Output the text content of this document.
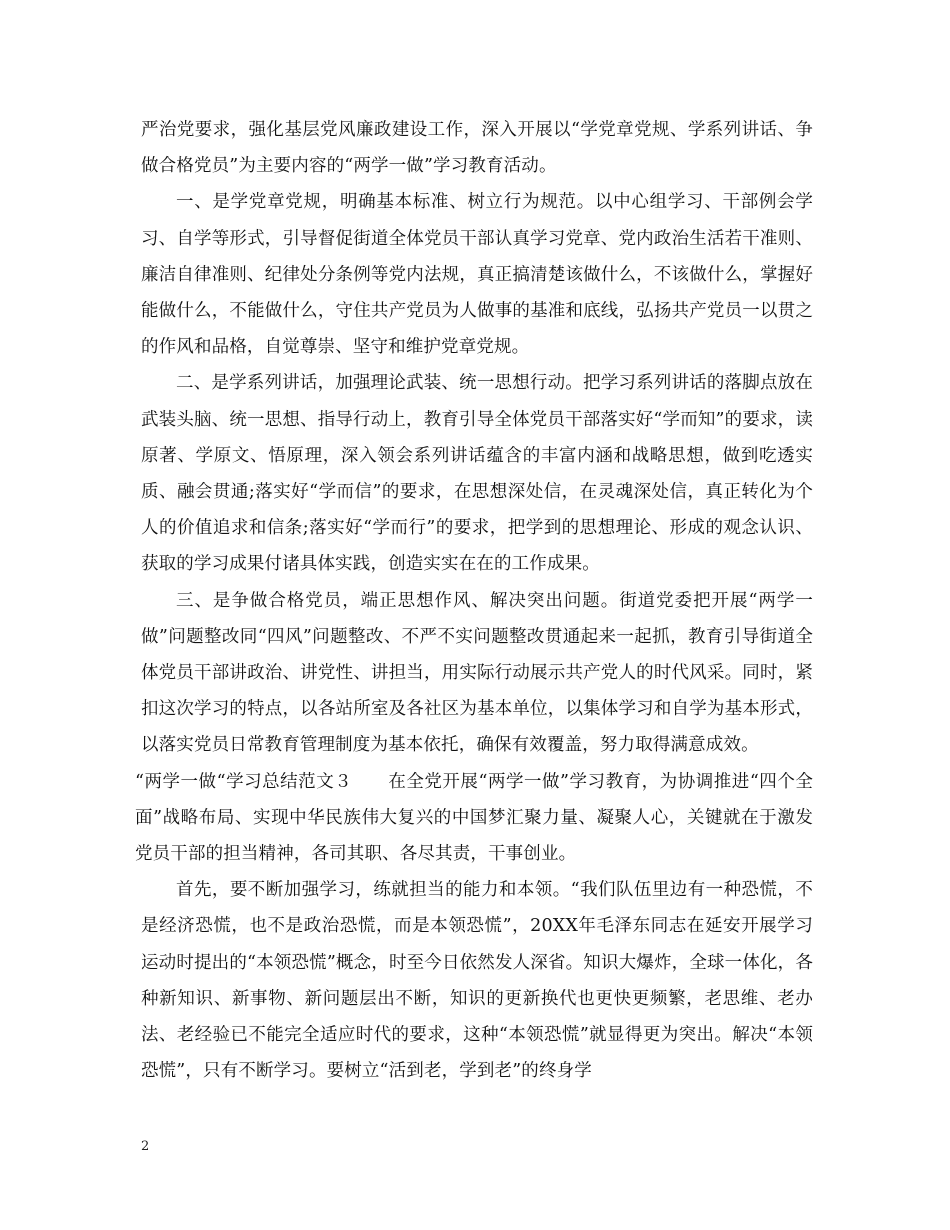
严治党要求，强化基层党风廉政建设工作，深入开展以“学党章党规、学系列讲话、争做合格党员”为主要内容的“两学一做”学习教育活动。

一、是学党章党规，明确基本标准、树立行为规范。以中心组学习、干部例会学习、自学等形式，引导督促街道全体党员干部认真学习党章、党内政治生活若干准则、廉洁自律准则、纪律处分条例等党内法规，真正搞清楚该做什么，不该做什么，掌握好能做什么，不能做什么，守住共产党员为人做事的基准和底线，弘扬共产党员一以贯之的作风和品格，自觉尊崇、坚守和维护党章党规。

二、是学系列讲话，加强理论武装、统一思想行动。把学习系列讲话的落脚点放在武装头脑、统一思想、指导行动上，教育引导全体党员干部落实好“学而知”的要求，读原著、学原文、悟原理，深入领会系列讲话蕴含的丰富内涵和战略思想，做到吃透实质、融会贯通;落实好“学而信”的要求，在思想深处信，在灵魂深处信，真正转化为个人的价值追求和信条;落实好“学而行”的要求，把学到的思想理论、形成的观念认识、获取的学习成果付诸具体实践，创造实实在在的工作成果。

三、是争做合格党员，端正思想作风、解决突出问题。街道党委把开展“两学一做”问题整改同“四风”问题整改、不严不实问题整改贯通起来一起抓，教育引导街道全体党员干部讲政治、讲党性、讲担当，用实际行动展示共产党人的时代风采。同时，紧扣这次学习的特点，以各站所室及各社区为基本单位，以集体学习和自学为基本形式，以落实党员日常教育管理制度为基本依托，确保有效覆盖，努力取得满意成效。

“两学一做“学习总结范文３　　在全党开展“两学一做”学习教育，为协调推进“四个全面”战略布局、实现中华民族伟大复兴的中国梦汇聚力量、凝聚人心，关键就在于激发党员干部的担当精神，各司其职、各尽其责，干事创业。

首先，要不断加强学习，练就担当的能力和本领。“我们队伍里边有一种恐慌，不是经济恐慌，也不是政治恐慌，而是本领恐慌”，20XX年毛泽东同志在延安开展学习运动时提出的“本领恐慌”概念，时至今日依然发人深省。知识大爆炸，全球一体化，各种新知识、新事物、新问题层出不断，知识的更新换代也更快更频繁，老思维、老办法、老经验已不能完全适应时代的要求，这种“本领恐慌”就显得更为突出。解决“本领恐慌”，只有不断学习。要树立“活到老，学到老”的终身学

2
